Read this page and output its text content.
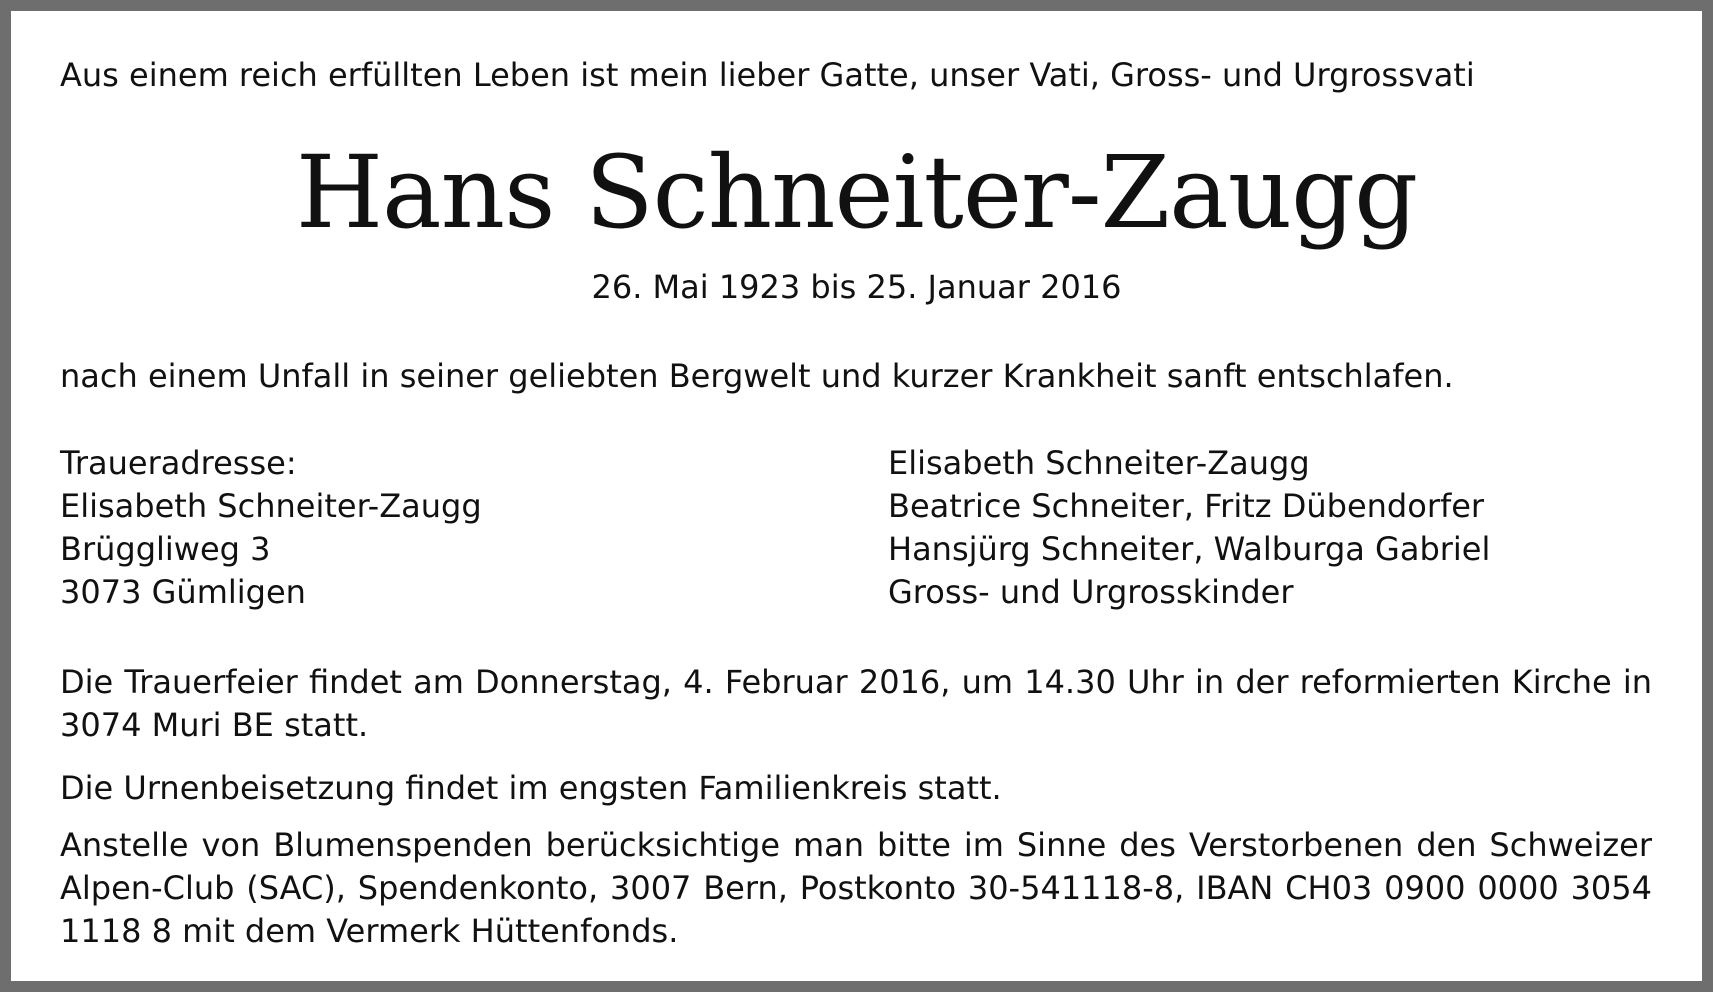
Aus einem reich erfüllten Leben ist mein lieber Gatte, unser Vati, Gross- und Urgrossvati

Hans Schneiter-Zaugg

26. Mai 1923 bis 25. Januar 2016

nach einem Unfall in seiner geliebten Bergwelt und kurzer Krankheit sanft entschlafen.

Traueradresse:
Elisabeth Schneiter-Zaugg
Brüggliweg 3
3073 Gümligen
Elisabeth Schneiter-Zaugg
Beatrice Schneiter, Fritz Dübendorfer
Hansjürg Schneiter, Walburga Gabriel
Gross- und Urgrosskinder

Die Trauerfeier findet am Donnerstag, 4. Februar 2016, um 14.30 Uhr in der reformierten Kirche in 3074 Muri BE statt.

Die Urnenbeisetzung findet im engsten Familienkreis statt.

Anstelle von Blumenspenden berücksichtige man bitte im Sinne des Verstorbenen den Schweizer Alpen-Club (SAC), Spendenkonto, 3007 Bern, Postkonto 30-541118-8, IBAN CH03 0900 0000 3054 1118 8 mit dem Vermerk Hüttenfonds.
